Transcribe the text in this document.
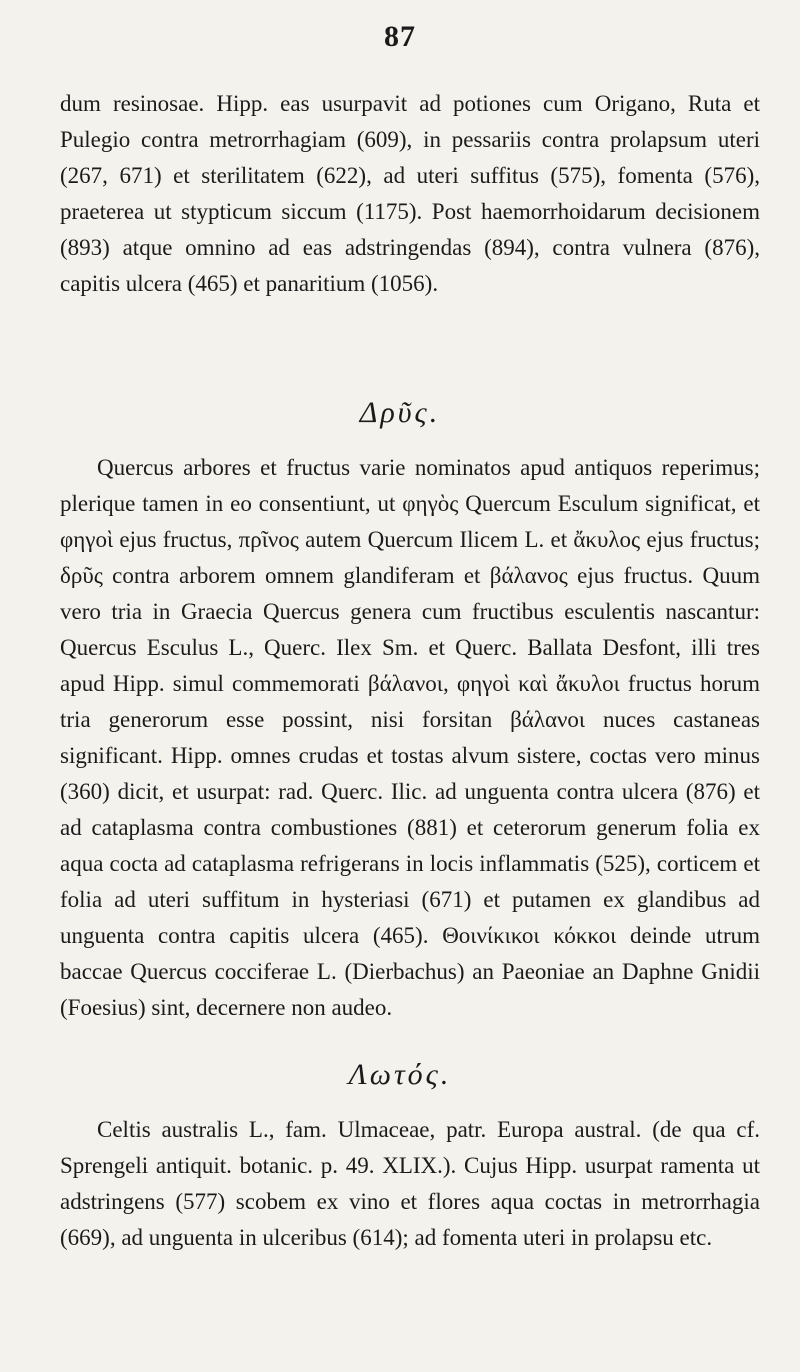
87
dum resinosae. Hipp. eas usurpavit ad potiones cum Origano, Ruta et Pulegio contra metrorrhagiam (609), in pessariis contra prolapsum uteri (267, 671) et sterilitatem (622), ad uteri suffitus (575), fomenta (576), praeterea ut stypticum siccum (1175). Post haemorrhoidarum decisionem (893) atque omnino ad eas adstringendas (894), contra vulnera (876), capitis ulcera (465) et panaritium (1056).
Δρῦς.
Quercus arbores et fructus varie nominatos apud antiquos reperimus; plerique tamen in eo consentiunt, ut φηγὸς Quercum Esculum significat, et φηγοὶ ejus fructus, πρῖνος autem Quercum Ilicem L. et ἄκυλος ejus fructus; δρῦς contra arborem omnem glandiferam et βάλανος ejus fructus. Quum vero tria in Graecia Quercus genera cum fructibus esculentis nascantur: Quercus Esculus L., Querc. Ilex Sm. et Querc. Ballata Desfont, illi tres apud Hipp. simul commemorati βάλανοι, φηγοὶ καὶ ἄκυλοι fructus horum tria generorum esse possint, nisi forsitan βάλανοι nuces castaneas significant. Hipp. omnes crudas et tostas alvum sistere, coctas vero minus (360) dicit, et usurpat: rad. Querc. Ilic. ad unguenta contra ulcera (876) et ad cataplasma contra combustiones (881) et ceterorum generum folia ex aqua cocta ad cataplasma refrigerans in locis inflammatis (525), corticem et folia ad uteri suffitum in hysteriasi (671) et putamen ex glandibus ad unguenta contra capitis ulcera (465). Θοινίκικοι κόκκοι deinde utrum baccae Quercus cocciferae L. (Dierbachus) an Paeoniae an Daphne Gnidii (Foesius) sint, decernere non audeo.
Λωτός.
Celtis australis L., fam. Ulmaceae, patr. Europa austral. (de qua cf. Sprengeli antiquit. botanic. p. 49. XLIX.). Cujus Hipp. usurpat ramenta ut adstringens (577) scobem ex vino et flores aqua coctas in metrorrhagia (669), ad unguenta in ulceribus (614); ad fomenta uteri in prolapsu etc.
